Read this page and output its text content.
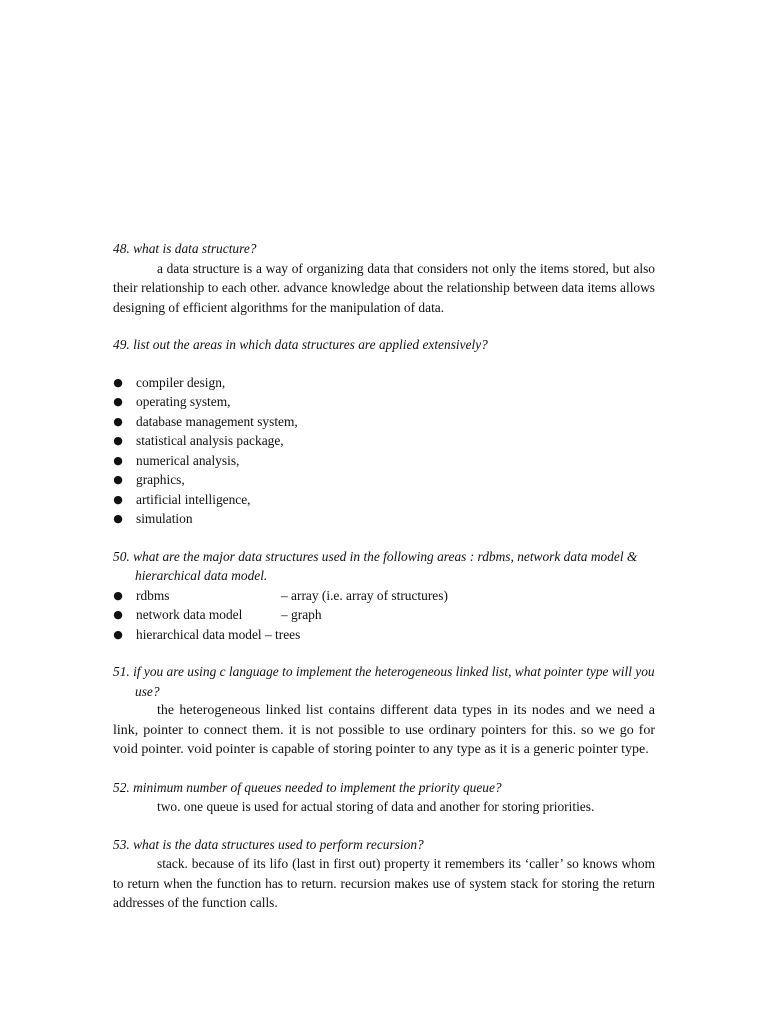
48. what is data structure?

a data structure is a way of organizing data that considers not only the items stored, but also their relationship to each other. advance knowledge about the relationship between data items allows designing of efficient algorithms for the manipulation of data.

49. list out the areas in which data structures are applied extensively?

● compiler design,
● operating system,
● database management system,
● statistical analysis package,
● numerical analysis,
● graphics,
● artificial intelligence,
● simulation

50. what are the major data structures used in the following areas : rdbms, network data model & hierarchical data model.

● rdbms	– array (i.e. array of structures)
● network data model	– graph
● hierarchical data model
– trees

51. if you are using c language to implement the heterogeneous linked list, what pointer type will you use?

the heterogeneous linked list contains different data types in its nodes and we need a link, pointer to connect them. it is not possible to use ordinary pointers for this. so we go for void pointer. void pointer is capable of storing pointer to any type as it is a generic pointer type.

52. minimum number of queues needed to implement the priority queue?

two. one queue is used for actual storing of data and another for storing priorities.

53. what is the data structures used to perform recursion?

stack. because of its lifo (last in first out) property it remembers its ‘caller’ so knows whom to return when the function has to return. recursion makes use of system stack for storing the return addresses of the function calls.
